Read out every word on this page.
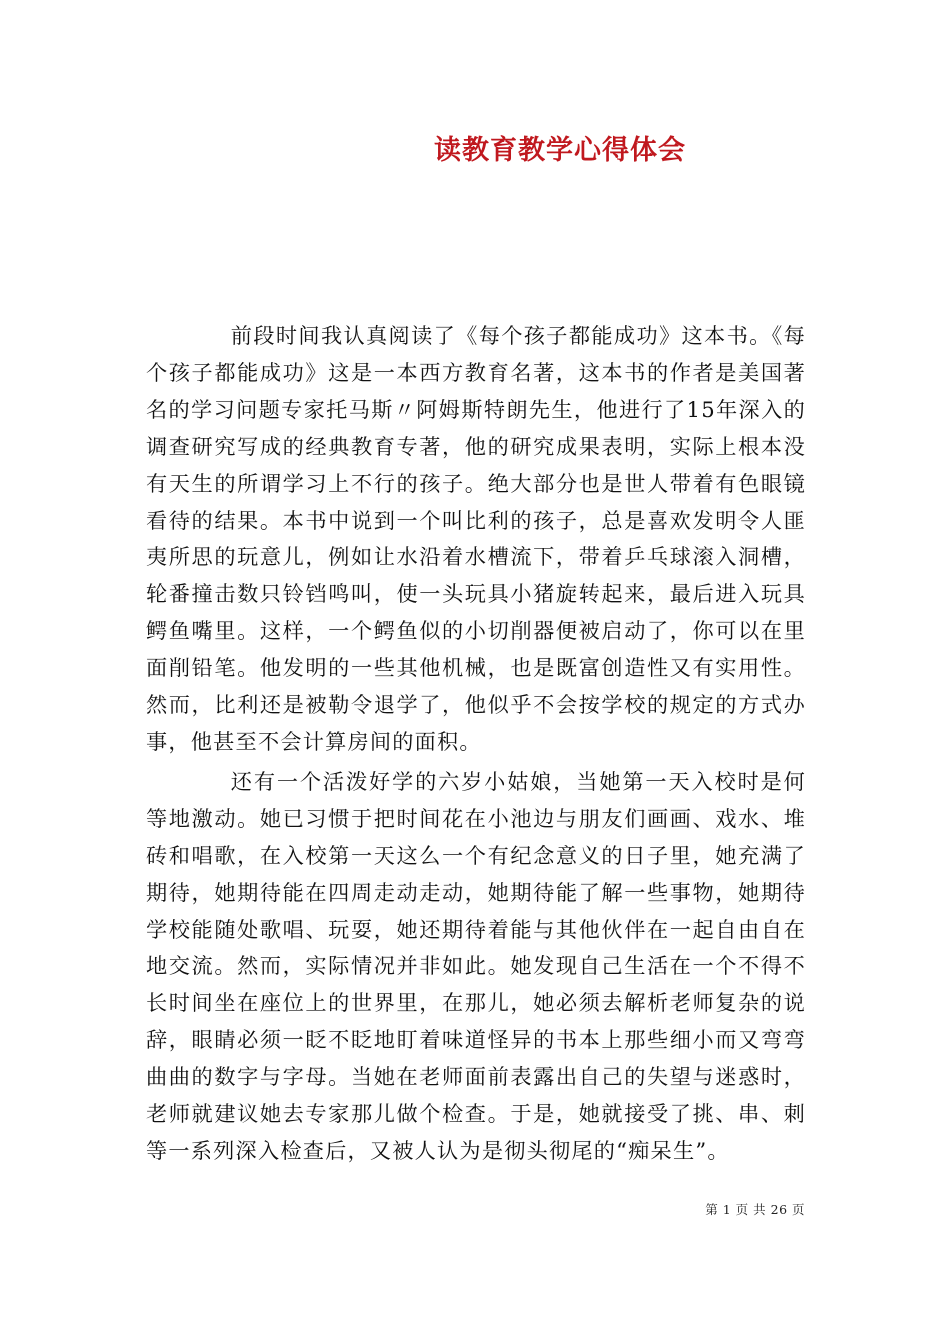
读教育教学心得体会

前段时间我认真阅读了《每个孩子都能成功》这本书。《每个孩子都能成功》这是一本西方教育名著，这本书的作者是美国著名的学习问题专家托马斯〃阿姆斯特朗先生，他进行了15年深入的调查研究写成的经典教育专著，他的研究成果表明，实际上根本没有天生的所谓学习上不行的孩子。绝大部分也是世人带着有色眼镜看待的结果。本书中说到一个叫比利的孩子，总是喜欢发明令人匪夷所思的玩意儿，例如让水沿着水槽流下，带着乒乓球滚入洞槽，轮番撞击数只铃铛鸣叫，使一头玩具小猪旋转起来，最后进入玩具鳄鱼嘴里。这样，一个鳄鱼似的小切削器便被启动了，你可以在里面削铅笔。他发明的一些其他机械，也是既富创造性又有实用性。然而，比利还是被勒令退学了，他似乎不会按学校的规定的方式办事，他甚至不会计算房间的面积。

还有一个活泼好学的六岁小姑娘，当她第一天入校时是何等地激动。她已习惯于把时间花在小池边与朋友们画画、戏水、堆砖和唱歌，在入校第一天这么一个有纪念意义的日子里，她充满了期待，她期待能在四周走动走动，她期待能了解一些事物，她期待学校能随处歌唱、玩耍，她还期待着能与其他伙伴在一起自由自在地交流。然而，实际情况并非如此。她发现自己生活在一个不得不长时间坐在座位上的世界里，在那儿，她必须去解析老师复杂的说辞，眼睛必须一眨不眨地盯着味道怪异的书本上那些细小而又弯弯曲曲的数字与字母。当她在老师面前表露出自己的失望与迷惑时，老师就建议她去专家那儿做个检查。于是，她就接受了挑、串、刺等一系列深入检查后，又被人认为是彻头彻尾的“痴呆生”。

第 1 页 共 26 页
